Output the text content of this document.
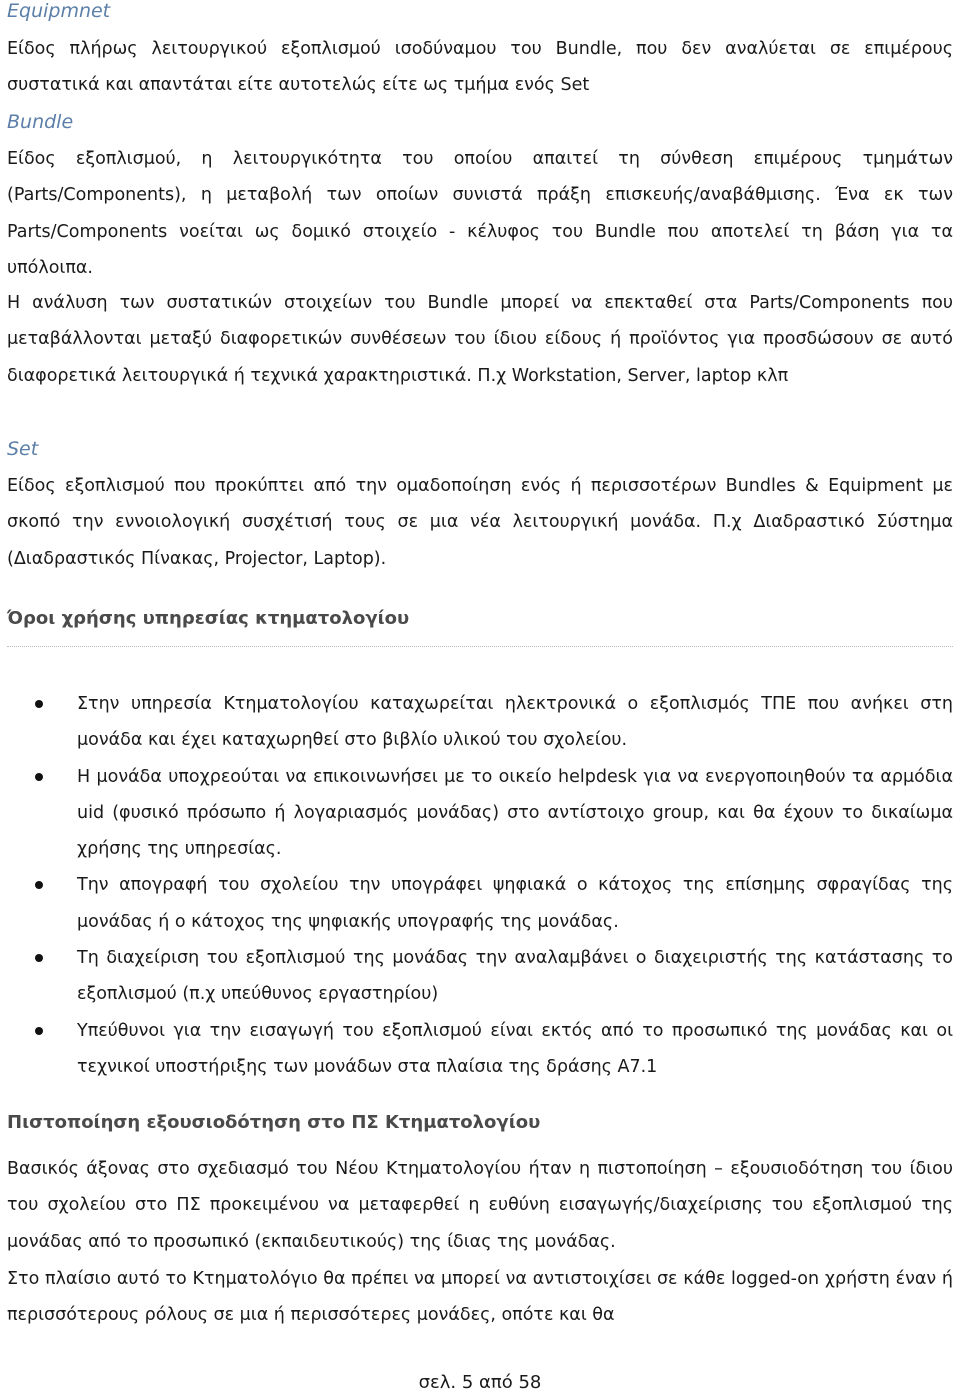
Equipmnet

Είδος πλήρως λειτουργικού εξοπλισμού ισοδύναμου του Bundle, που δεν αναλύεται σε επιμέρους συστατικά και απαντάται είτε αυτοτελώς είτε ως τμήμα ενός Set

Bundle

Είδος εξοπλισμού, η λειτουργικότητα του οποίου απαιτεί τη σύνθεση επιμέρους τμημάτων (Parts/Components), η μεταβολή των οποίων συνιστά πράξη επισκευής/αναβάθμισης. Ένα εκ των Parts/Components νοείται ως δομικό στοιχείο - κέλυφος του Bundle που αποτελεί τη βάση για τα υπόλοιπα.

Η ανάλυση των συστατικών στοιχείων του Bundle μπορεί να επεκταθεί στα Parts/Components που μεταβάλλονται μεταξύ διαφορετικών συνθέσεων του ίδιου είδους ή προϊόντος για προσδώσουν σε αυτό διαφορετικά λειτουργικά ή τεχνικά χαρακτηριστικά. Π.χ Workstation, Server, laptop κλπ

Set

Είδος εξοπλισμού που προκύπτει από την ομαδοποίηση ενός ή περισσοτέρων Bundles & Equipment με σκοπό την εννοιολογική συσχέτισή τους σε μια νέα λειτουργική μονάδα. Π.χ Διαδραστικό Σύστημα (Διαδραστικός Πίνακας, Projector, Laptop).

Όροι χρήσης υπηρεσίας κτηματολογίου
Στην υπηρεσία Κτηματολογίου καταχωρείται ηλεκτρονικά ο εξοπλισμός ΤΠΕ που ανήκει στη μονάδα και έχει καταχωρηθεί στο βιβλίο υλικού του σχολείου.
Η μονάδα υποχρεούται να επικοινωνήσει με το οικείο helpdesk για να ενεργοποιηθούν τα αρμόδια uid (φυσικό πρόσωπο ή λογαριασμός μονάδας) στο αντίστοιχο group, και θα έχουν το δικαίωμα χρήσης της υπηρεσίας.
Την απογραφή του σχολείου την υπογράφει ψηφιακά ο κάτοχος της επίσημης σφραγίδας της μονάδας ή ο κάτοχος της ψηφιακής υπογραφής της μονάδας.
Τη διαχείριση του εξοπλισμού της μονάδας την αναλαμβάνει ο διαχειριστής της κατάστασης το εξοπλισμού (π.χ υπεύθυνος εργαστηρίου)
Υπεύθυνοι για την εισαγωγή του εξοπλισμού είναι εκτός από το προσωπικό της μονάδας και οι τεχνικοί υποστήριξης των μονάδων στα πλαίσια της δράσης Α7.1
Πιστοποίηση εξουσιοδότηση στο ΠΣ Κτηματολογίου

Βασικός άξονας στο σχεδιασμό του Νέου Κτηματολογίου ήταν η πιστοποίηση – εξουσιοδότηση του ίδιου του σχολείου στο ΠΣ προκειμένου να μεταφερθεί η ευθύνη εισαγωγής/διαχείρισης του εξοπλισμού της μονάδας από το προσωπικό (εκπαιδευτικούς) της ίδιας της μονάδας.

Στο πλαίσιο αυτό το Κτηματολόγιο θα πρέπει να μπορεί να αντιστοιχίσει σε κάθε logged-on χρήστη έναν ή περισσότερους ρόλους σε μια ή περισσότερες μονάδες, οπότε και θα

σελ. 5 από 58
